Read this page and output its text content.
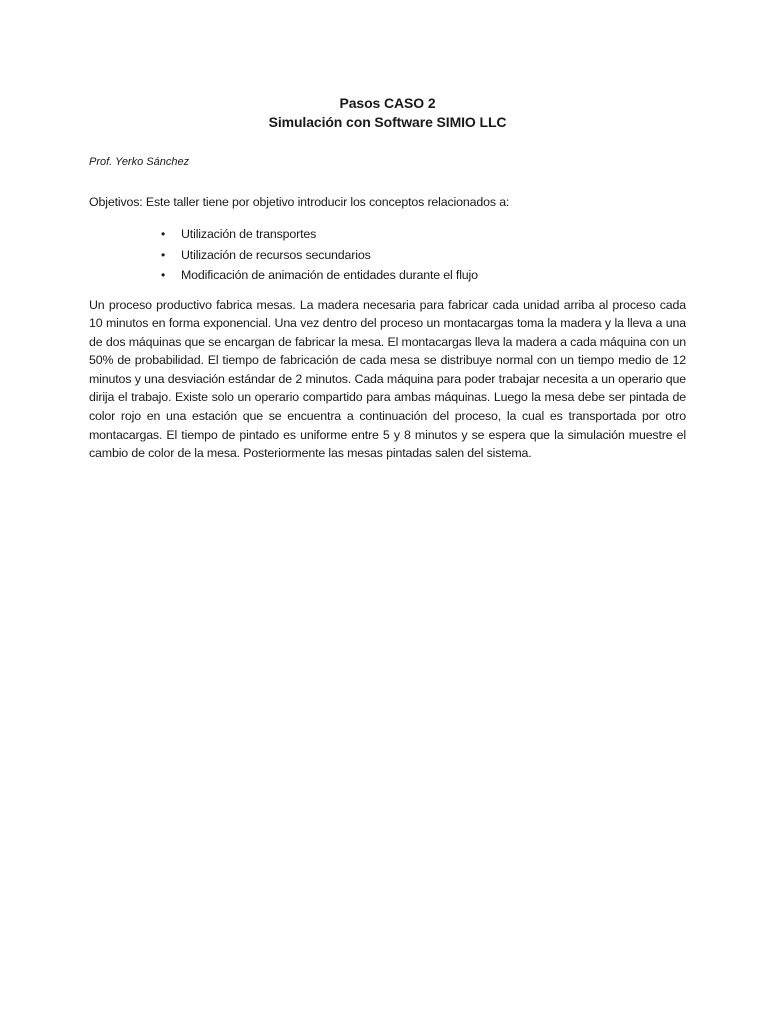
Pasos CASO 2
Simulación con Software SIMIO LLC

Prof. Yerko Sánchez

Objetivos: Este taller tiene por objetivo introducir los conceptos relacionados a:

• Utilización de transportes
• Utilización de recursos secundarios
• Modificación de animación de entidades durante el flujo

Un proceso productivo fabrica mesas. La madera necesaria para fabricar cada unidad arriba al proceso cada 10 minutos en forma exponencial. Una vez dentro del proceso un montacargas toma la madera y la lleva a una de dos máquinas que se encargan de fabricar la mesa. El montacargas lleva la madera a cada máquina con un 50% de probabilidad. El tiempo de fabricación de cada mesa se distribuye normal con un tiempo medio de 12 minutos y una desviación estándar de 2 minutos. Cada máquina para poder trabajar necesita a un operario que dirija el trabajo. Existe solo un operario compartido para ambas máquinas. Luego la mesa debe ser pintada de color rojo en una estación que se encuentra a continuación del proceso, la cual es transportada por otro montacargas. El tiempo de pintado es uniforme entre 5 y 8 minutos y se espera que la simulación muestre el cambio de color de la mesa. Posteriormente las mesas pintadas salen del sistema.
